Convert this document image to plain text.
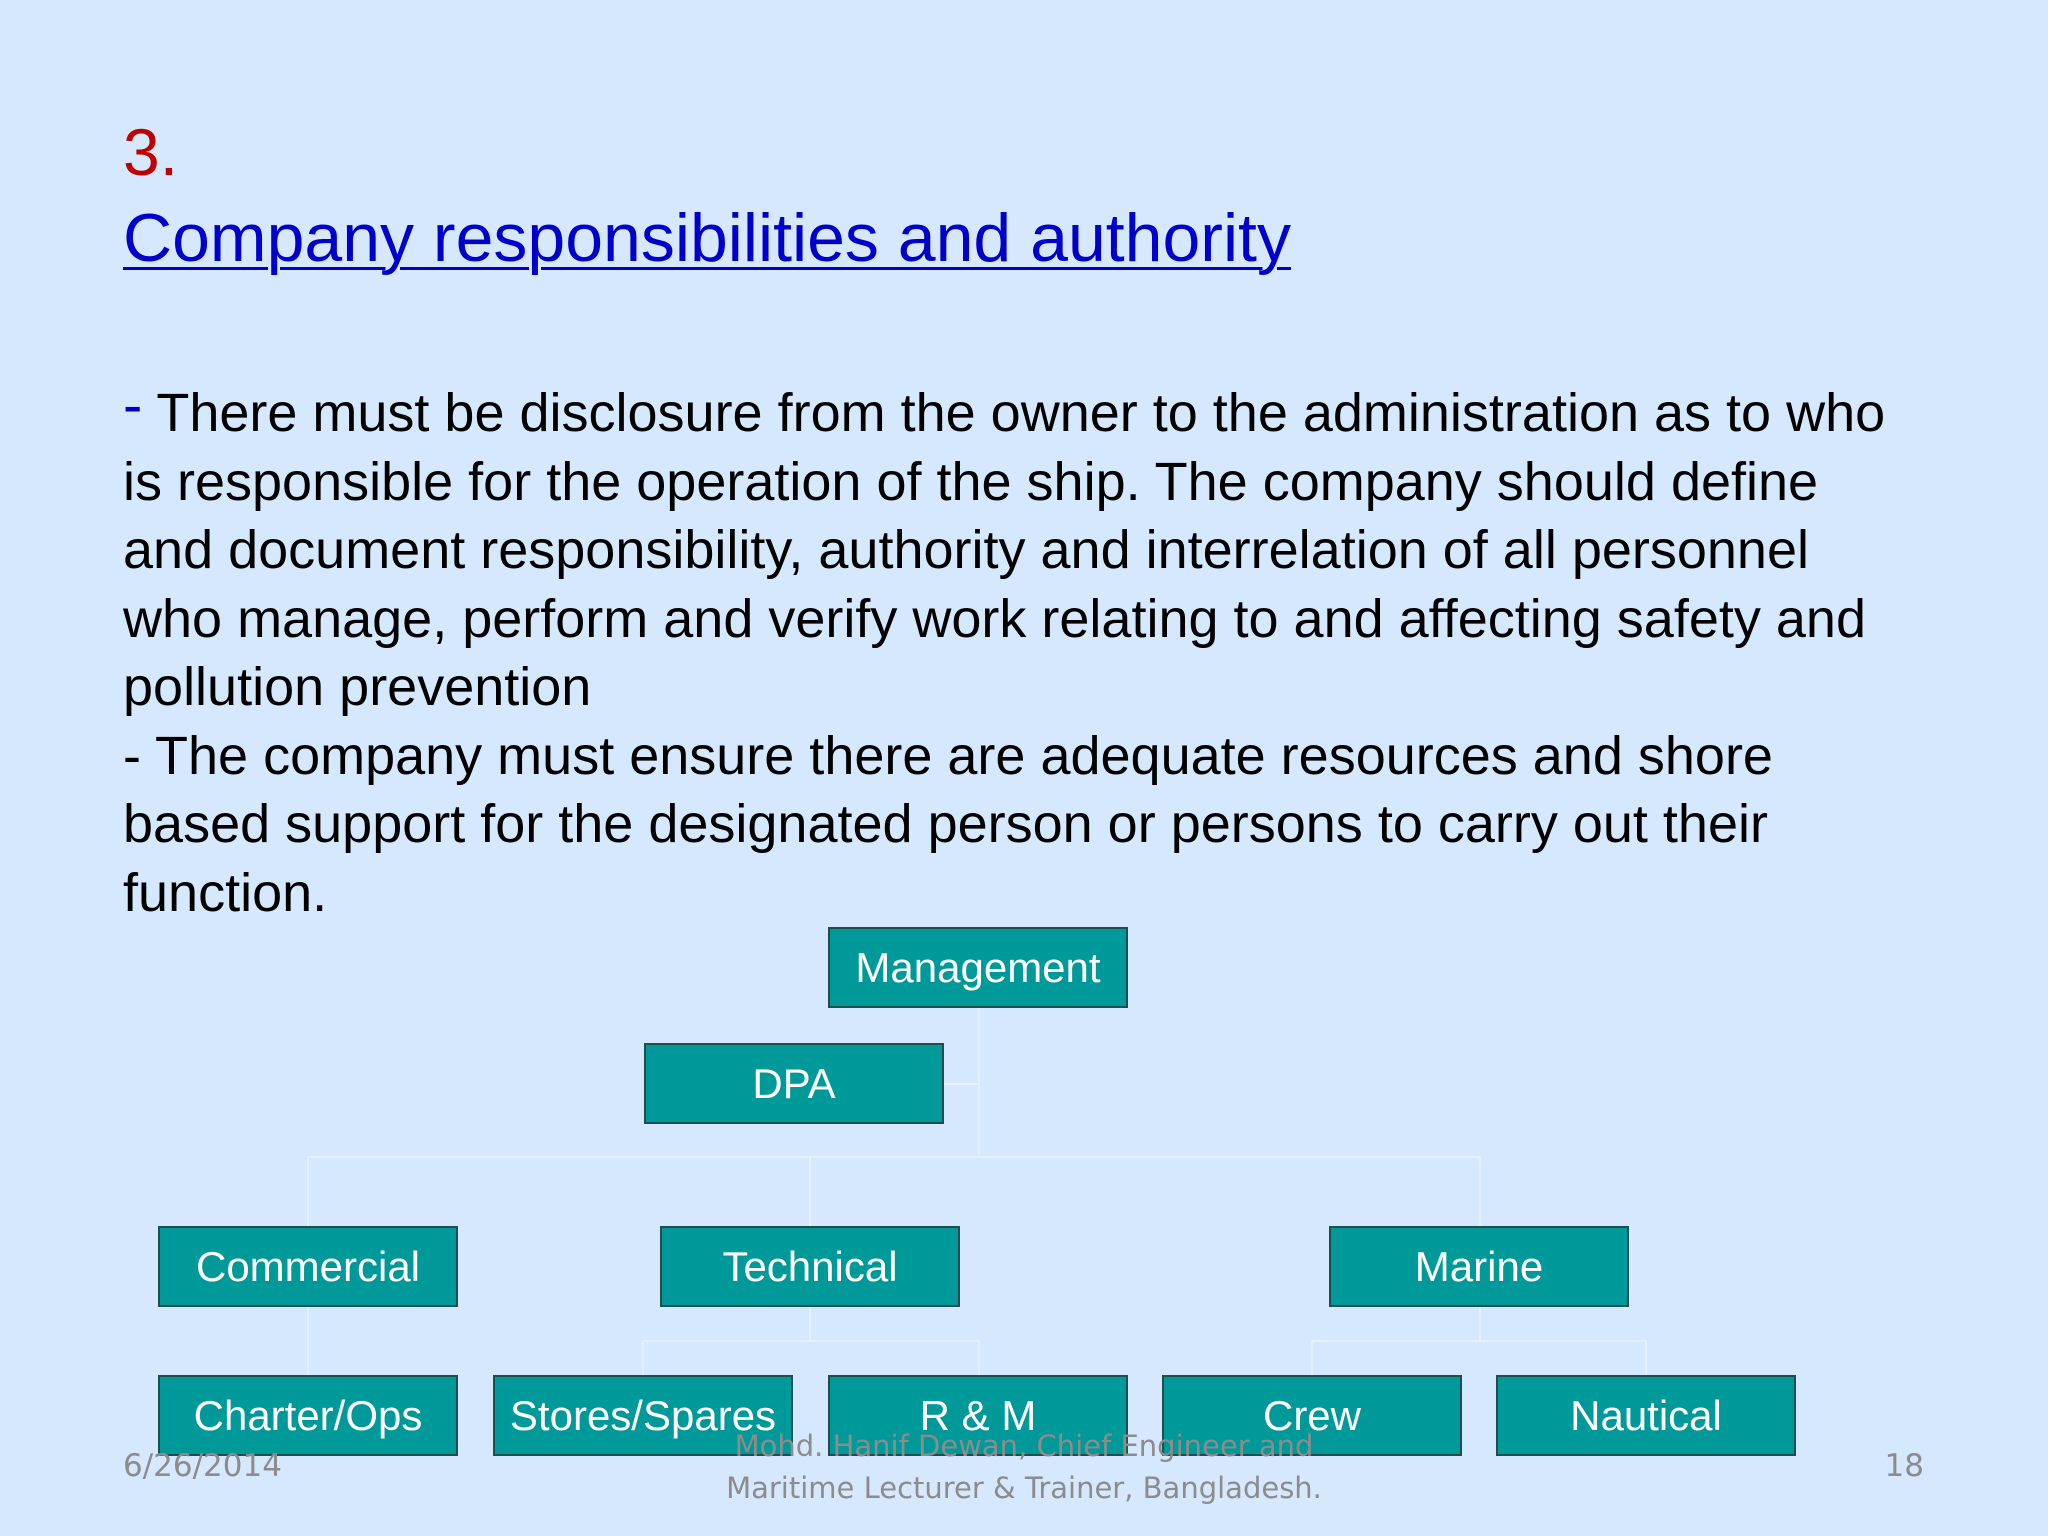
3.
Company responsibilities and authority

- There must be disclosure from the owner to the administration as to who is responsible for the operation of the ship. The company should define and document responsibility, authority and interrelation of all personnel who manage, perform and verify work relating to and affecting safety and pollution prevention

- The company must ensure there are adequate resources and shore based support for the designated person or persons to carry out their function.

Management
DPA
Commercial	Technical	Marine
Charter/Ops	Stores/Spares	R & M	Crew	Nautical
6/26/2014
Mohd. Hanif Dewan, Chief Engineer and
Maritime Lecturer & Trainer, Bangladesh.
18
